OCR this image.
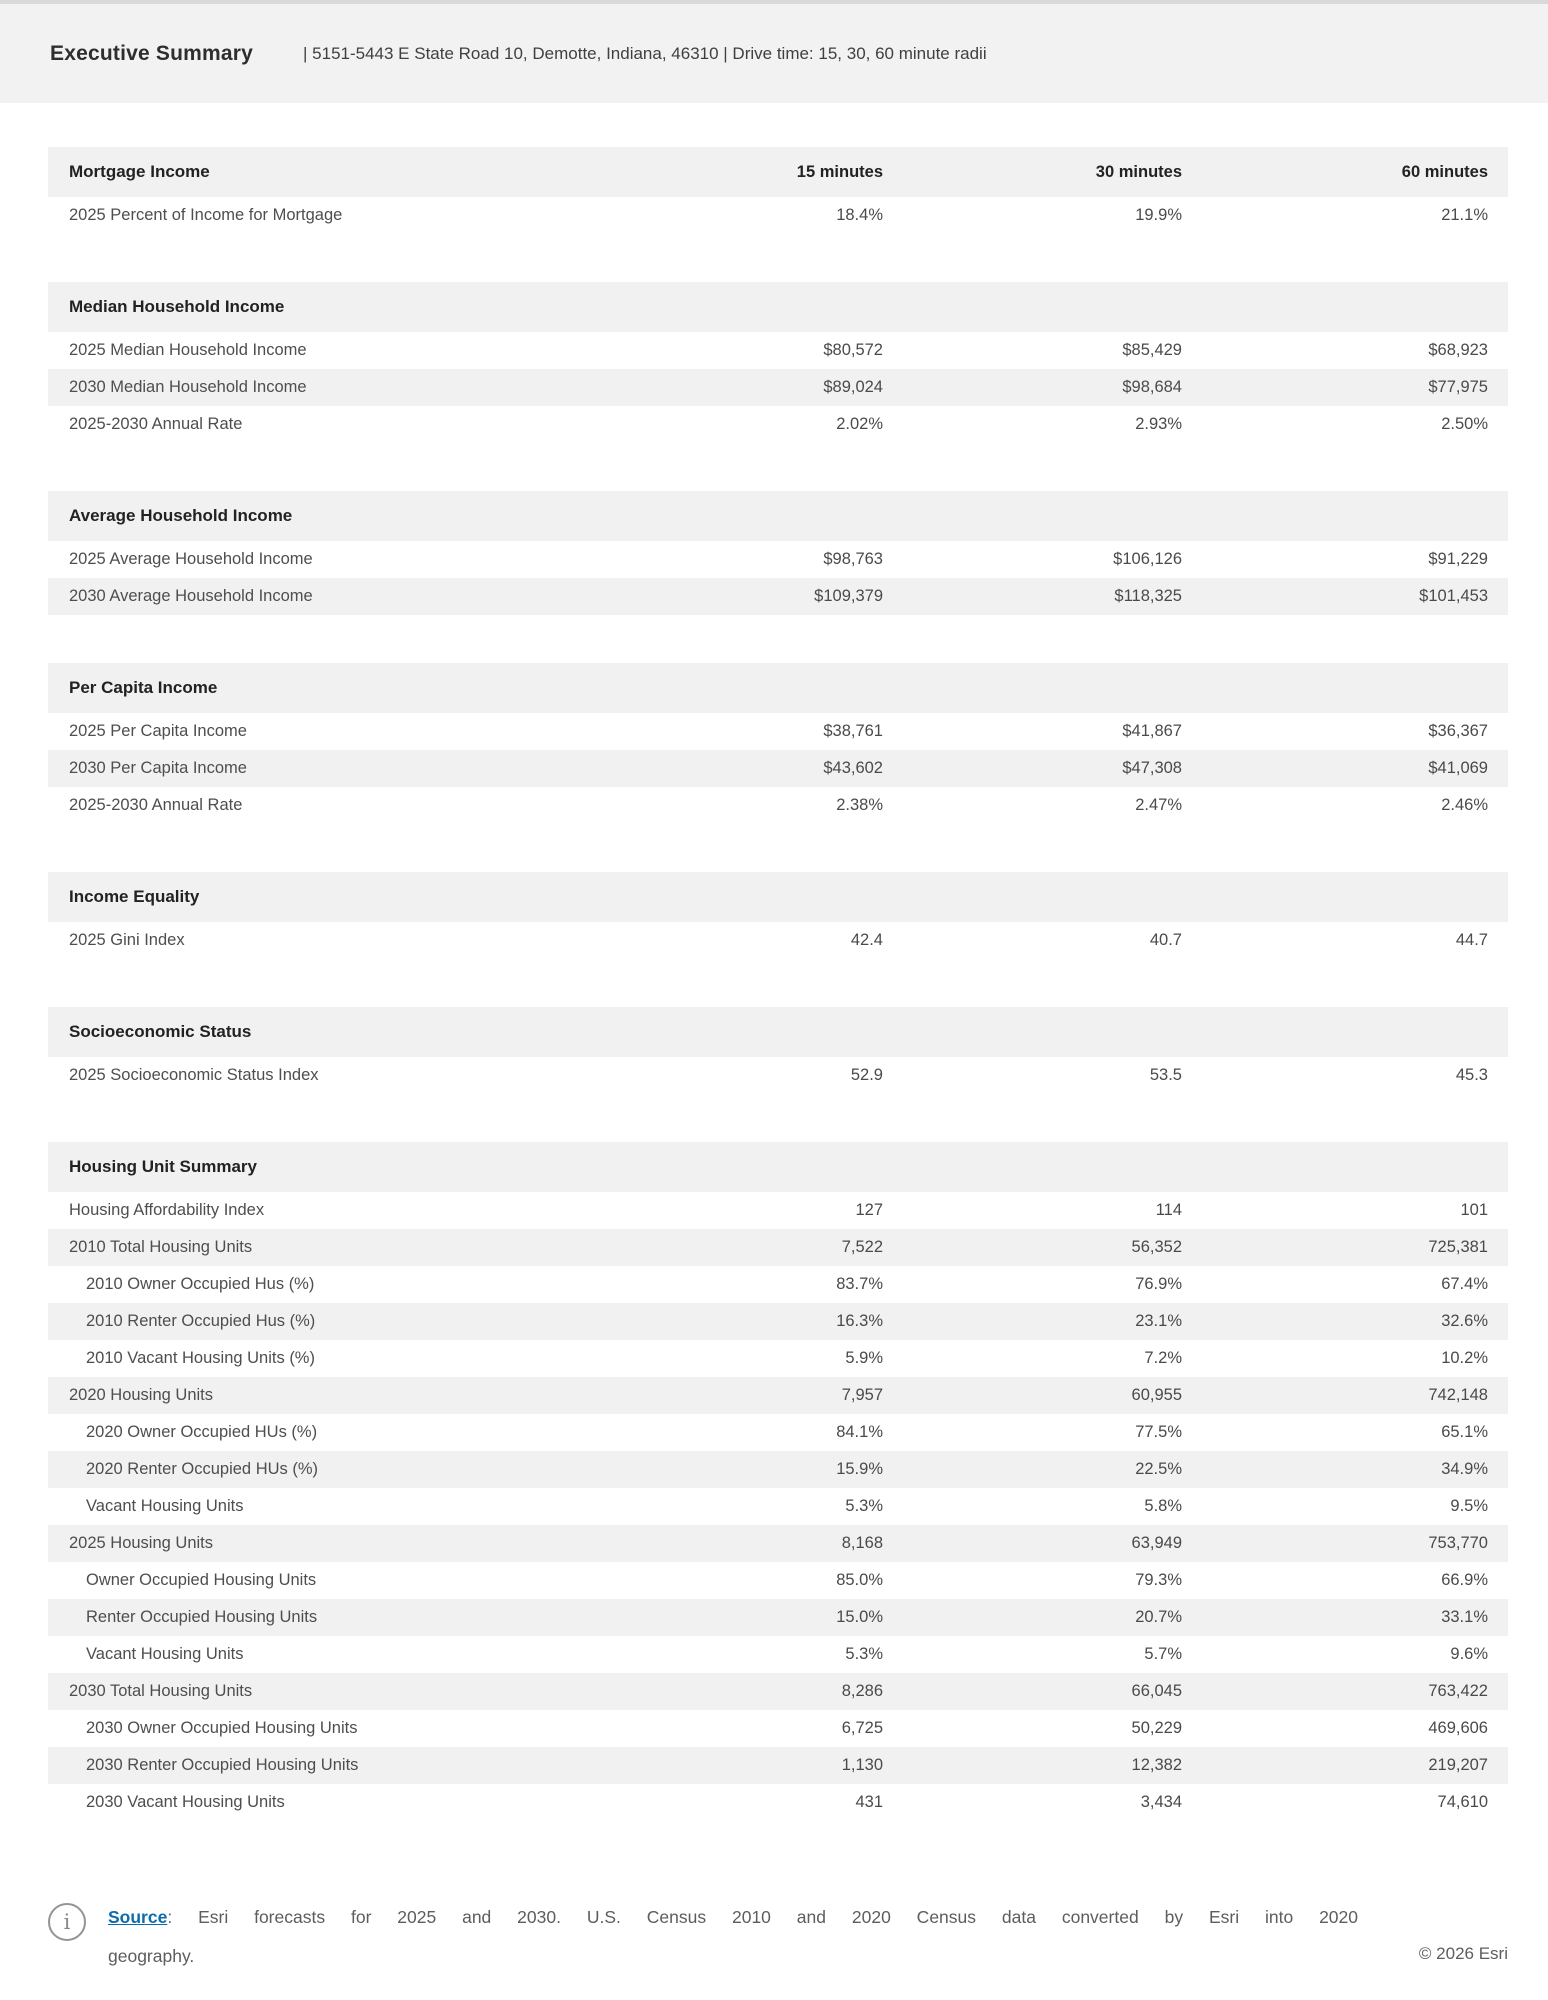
Executive Summary	| 5151-5443 E State Road 10, Demotte, Indiana, 46310 | Drive time: 15, 30, 60 minute radii
Mortgage Income	15 minutes	30 minutes	60 minutes
2025 Percent of Income for Mortgage	18.4%	19.9%	21.1%
Median Household Income
2025 Median Household Income	$80,572	$85,429	$68,923
2030 Median Household Income	$89,024	$98,684	$77,975
2025-2030 Annual Rate	2.02%	2.93%	2.50%
Average Household Income
2025 Average Household Income	$98,763	$106,126	$91,229
2030 Average Household Income	$109,379	$118,325	$101,453
Per Capita Income
2025 Per Capita Income	$38,761	$41,867	$36,367
2030 Per Capita Income	$43,602	$47,308	$41,069
2025-2030 Annual Rate	2.38%	2.47%	2.46%
Income Equality
2025 Gini Index	42.4	40.7	44.7
Socioeconomic Status
2025 Socioeconomic Status Index	52.9	53.5	45.3
Housing Unit Summary
Housing Affordability Index	127	114	101
2010 Total Housing Units	7,522	56,352	725,381
2010 Owner Occupied Hus (%)	83.7%	76.9%	67.4%
2010 Renter Occupied Hus (%)	16.3%	23.1%	32.6%
2010 Vacant Housing Units (%)	5.9%	7.2%	10.2%
2020 Housing Units	7,957	60,955	742,148
2020 Owner Occupied HUs (%)	84.1%	77.5%	65.1%
2020 Renter Occupied HUs (%)	15.9%	22.5%	34.9%
Vacant Housing Units	5.3%	5.8%	9.5%
2025 Housing Units	8,168	63,949	753,770
Owner Occupied Housing Units	85.0%	79.3%	66.9%
Renter Occupied Housing Units	15.0%	20.7%	33.1%
Vacant Housing Units	5.3%	5.7%	9.6%
2030 Total Housing Units	8,286	66,045	763,422
2030 Owner Occupied Housing Units	6,725	50,229	469,606
2030 Renter Occupied Housing Units	1,130	12,382	219,207
2030 Vacant Housing Units	431	3,434	74,610
i Source: Esri forecasts for 2025 and 2030. U.S. Census 2010 and 2020 Census data converted by Esri into 2020
geography.	© 2026 Esri
